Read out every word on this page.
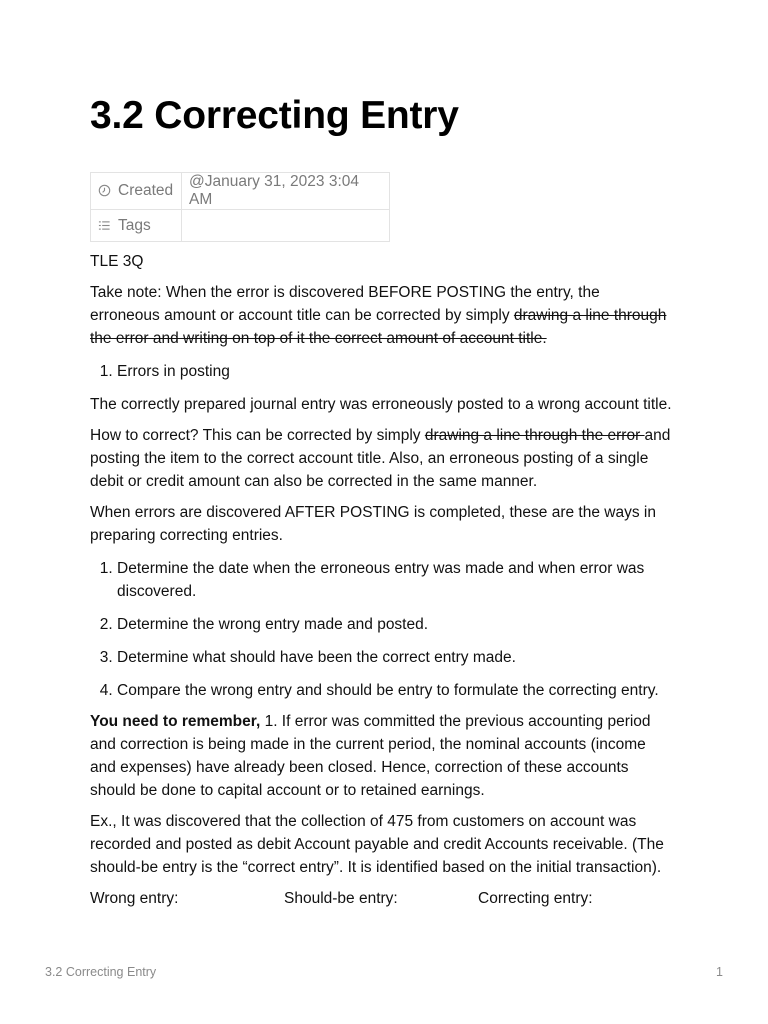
3.2 Correcting Entry
Created	@January 31, 2023 3:04 AM
Tags	

TLE 3Q

Take note: When the error is discovered BEFORE POSTING the entry, the erroneous amount or account title can be corrected by simply drawing a line through the error and writing on top of it the correct amount of account title.

1. Errors in posting

The correctly prepared journal entry was erroneously posted to a wrong account title.

How to correct? This can be corrected by simply drawing a line through the error and posting the item to the correct account title. Also, an erroneous posting of a single debit or credit amount can also be corrected in the same manner.

When errors are discovered AFTER POSTING is completed, these are the ways in preparing correcting entries.

1. Determine the date when the erroneous entry was made and when error was discovered.
2. Determine the wrong entry made and posted.
3. Determine what should have been the correct entry made.
4. Compare the wrong entry and should be entry to formulate the correcting entry.

You need to remember, 1. If error was committed the previous accounting period and correction is being made in the current period, the nominal accounts (income and expenses) have already been closed. Hence, correction of these accounts should be done to capital account or to retained earnings.

Ex., It was discovered that the collection of 475 from customers on account was recorded and posted as debit Account payable and credit Accounts receivable. (The should-be entry is the “correct entry”. It is identified based on the initial transaction).

Wrong entry:	Should-be entry:	Correcting entry:
3.2 Correcting Entry	1
